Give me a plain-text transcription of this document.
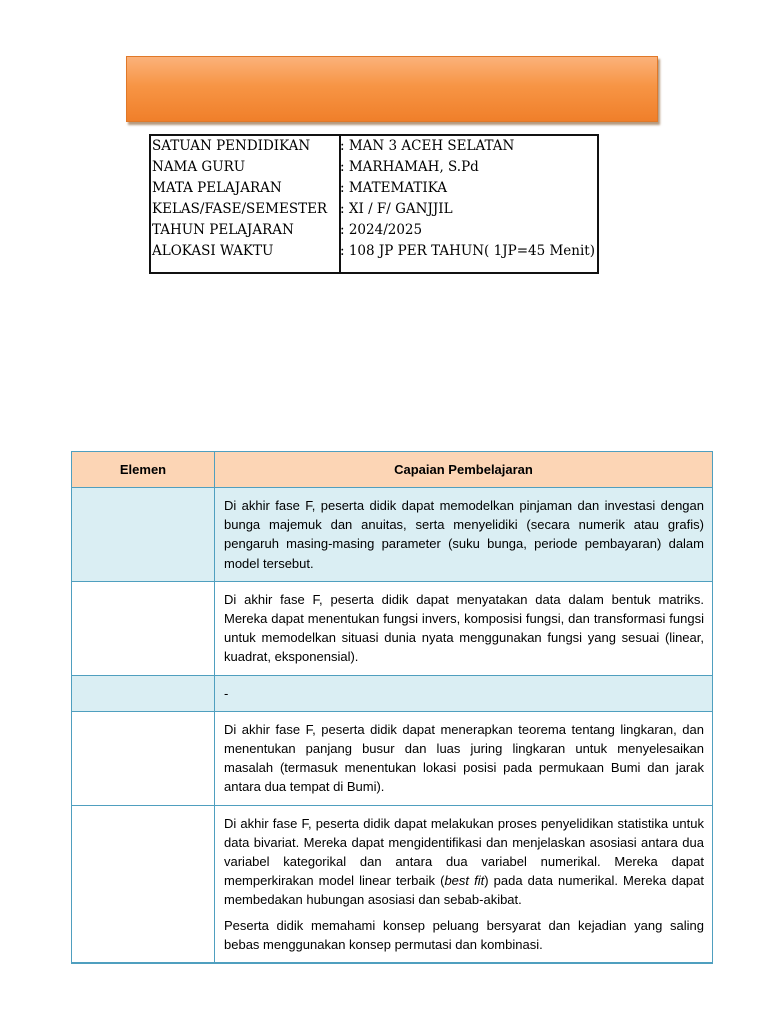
SATUAN PENDIDIKAN	: MAN 3 ACEH SELATAN
NAMA GURU	: MARHAMAH, S.Pd
MATA PELAJARAN	: MATEMATIKA
KELAS/FASE/SEMESTER : XI / F/ GANJJIL
TAHUN PELAJARAN	: 2024/2025
ALOKASI WAKTU	: 108 JP PER TAHUN( 1JP=45 Menit)
Elemen	Capaian Pembelajaran

	Di akhir fase F, peserta didik dapat memodelkan pinjaman dan investasi dengan bunga majemuk dan anuitas, serta menyelidiki (secara numerik atau grafis) pengaruh masing-masing parameter (suku bunga, periode pembayaran) dalam model tersebut.

	Di akhir fase F, peserta didik dapat menyatakan data dalam bentuk matriks. Mereka dapat menentukan fungsi invers, komposisi fungsi, dan transformasi fungsi untuk memodelkan situasi dunia nyata menggunakan fungsi yang sesuai (linear, kuadrat, eksponensial).

	-

	Di akhir fase F, peserta didik dapat menerapkan teorema tentang lingkaran, dan menentukan panjang busur dan luas juring lingkaran untuk menyelesaikan masalah (termasuk menentukan lokasi posisi pada permukaan Bumi dan jarak antara dua tempat di Bumi).

	Di akhir fase F, peserta didik dapat melakukan proses penyelidikan statistika untuk data bivariat. Mereka dapat mengidentifikasi dan menjelaskan asosiasi antara dua variabel kategorikal dan antara dua variabel numerikal. Mereka dapat memperkirakan model linear terbaik (best fit) pada data numerikal. Mereka dapat membedakan hubungan asosiasi dan sebab-akibat.

Peserta didik memahami konsep peluang bersyarat dan kejadian yang saling bebas menggunakan konsep permutasi dan kombinasi.
